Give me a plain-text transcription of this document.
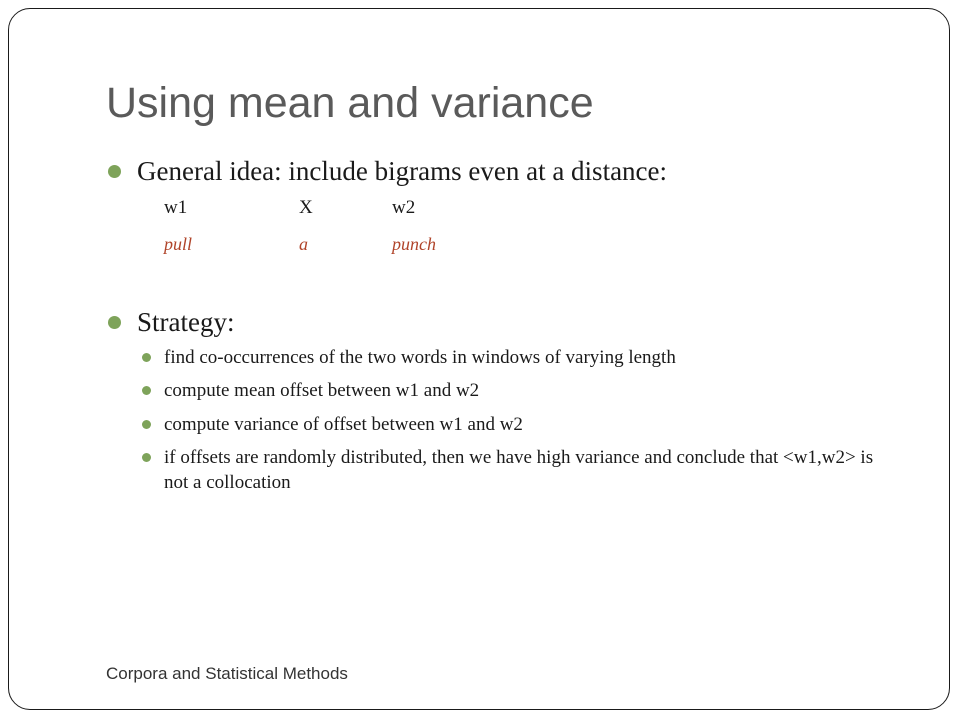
Using mean and variance
General idea: include bigrams even at a distance:
w1	X	w2
pull	a	punch
Strategy:
find co-occurrences of the two words in windows of varying length
compute mean offset between w1 and w2
compute variance of offset between w1 and w2
if offsets are randomly distributed, then we have high variance and conclude that <w1,w2> is not a collocation
Corpora and Statistical Methods
